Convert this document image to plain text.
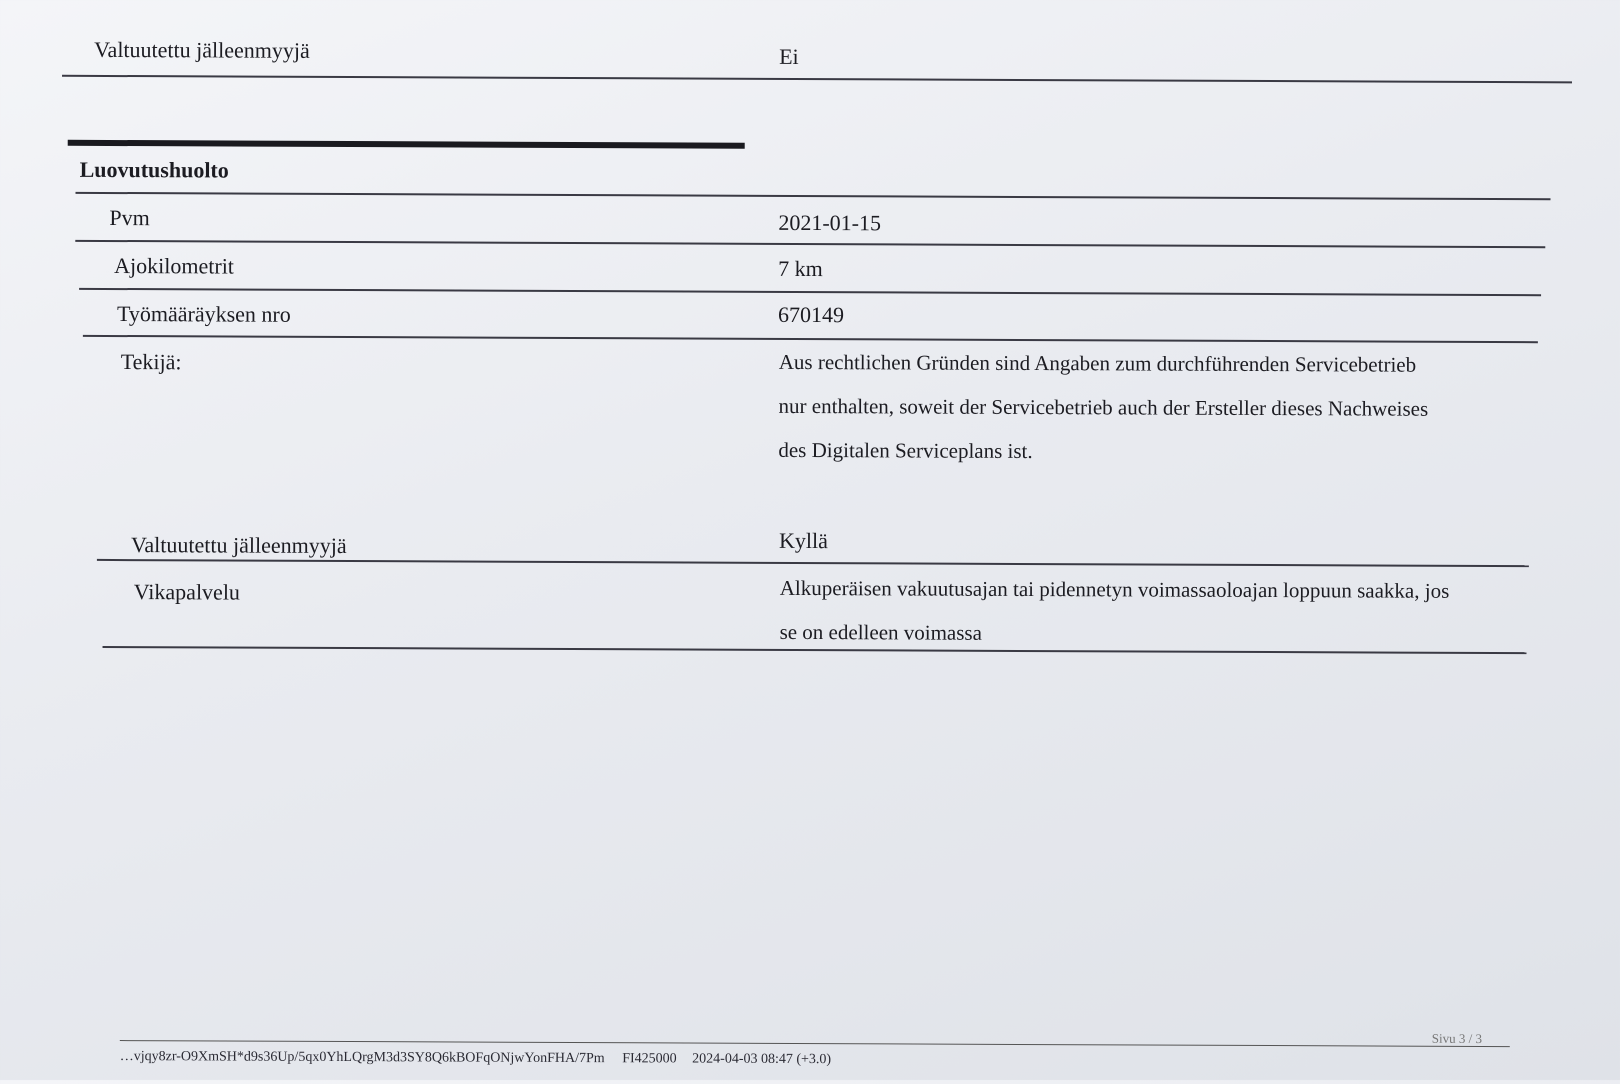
Valtuutettu jälleenmyyjä	Ei
Luovutushuolto
Pvm	2021-01-15
Ajokilometrit	7 km
Työmääräyksen nro	670149
Tekijä:	Aus rechtlichen Gründen sind Angaben zum durchführenden Servicebetrieb
nur enthalten, soweit der Servicebetrieb auch der Ersteller dieses Nachweises
des Digitalen Serviceplans ist.
Valtuutettu jälleenmyyjä	Kyllä
Vikapalvelu	Alkuperäisen vakuutusajan tai pidennetyn voimassaoloajan loppuun saakka, jos
se on edelleen voimassa
…vjqy8zr-O9XmSH*d9s36Up/5qx0YhLQrgM3d3SY8Q6kBOFqONjwYonFHA/7Pm FI425000 2024-04-03 08:47 (+3.0)
Sivu 3 / 3
